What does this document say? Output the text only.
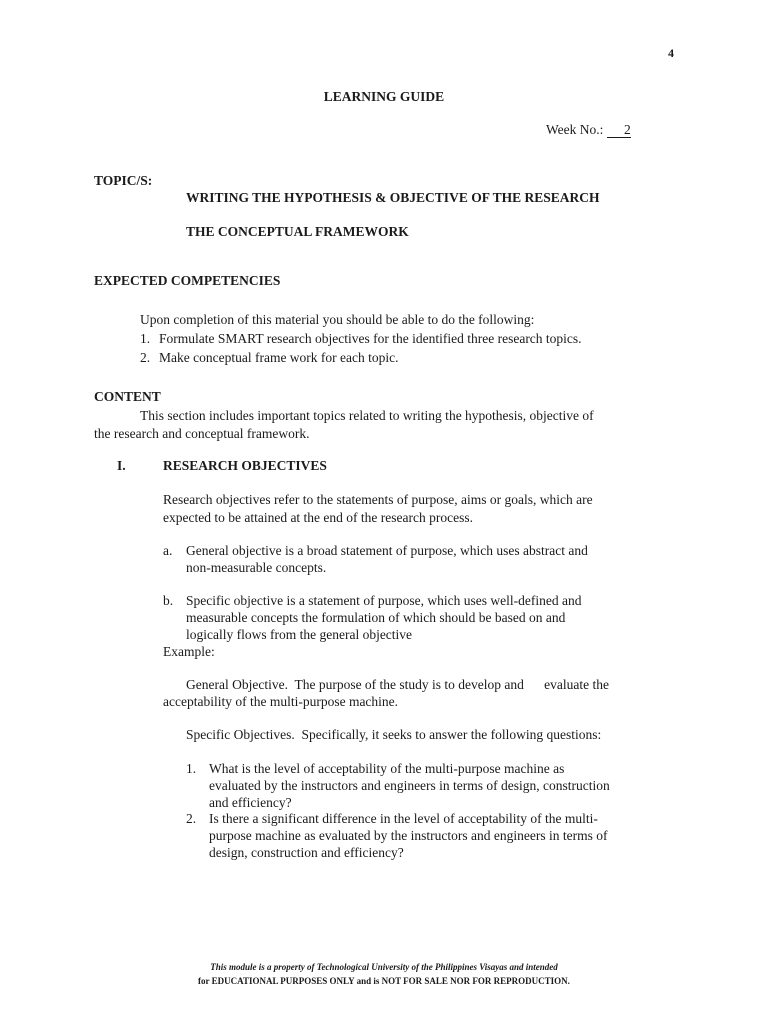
4
LEARNING GUIDE
Week No.: 2
TOPIC/S:
WRITING THE HYPOTHESIS & OBJECTIVE OF THE RESEARCH
THE CONCEPTUAL FRAMEWORK
EXPECTED COMPETENCIES
Upon completion of this material you should be able to do the following:
1. Formulate SMART research objectives for the identified three research topics.
2. Make conceptual frame work for each topic.
CONTENT
This section includes important topics related to writing the hypothesis, objective of
the research and conceptual framework.
I.	RESEARCH OBJECTIVES
Research objectives refer to the statements of purpose, aims or goals, which are
expected to be attained at the end of the research process.
a. General objective is a broad statement of purpose, which uses abstract and
non-measurable concepts.
b. Specific objective is a statement of purpose, which uses well-defined and
measurable concepts the formulation of which should be based on and
logically flows from the general objective
Example:
General Objective.  The purpose of the study is to develop and      evaluate the
acceptability of the multi-purpose machine.
Specific Objectives.  Specifically, it seeks to answer the following questions:
1. What is the level of acceptability of the multi-purpose machine as
evaluated by the instructors and engineers in terms of design, construction
and efficiency?
2. Is there a significant difference in the level of acceptability of the multi-
purpose machine as evaluated by the instructors and engineers in terms of
design, construction and efficiency?
This module is a property of Technological University of the Philippines Visayas and intended
for EDUCATIONAL PURPOSES ONLY and is NOT FOR SALE NOR FOR REPRODUCTION.
